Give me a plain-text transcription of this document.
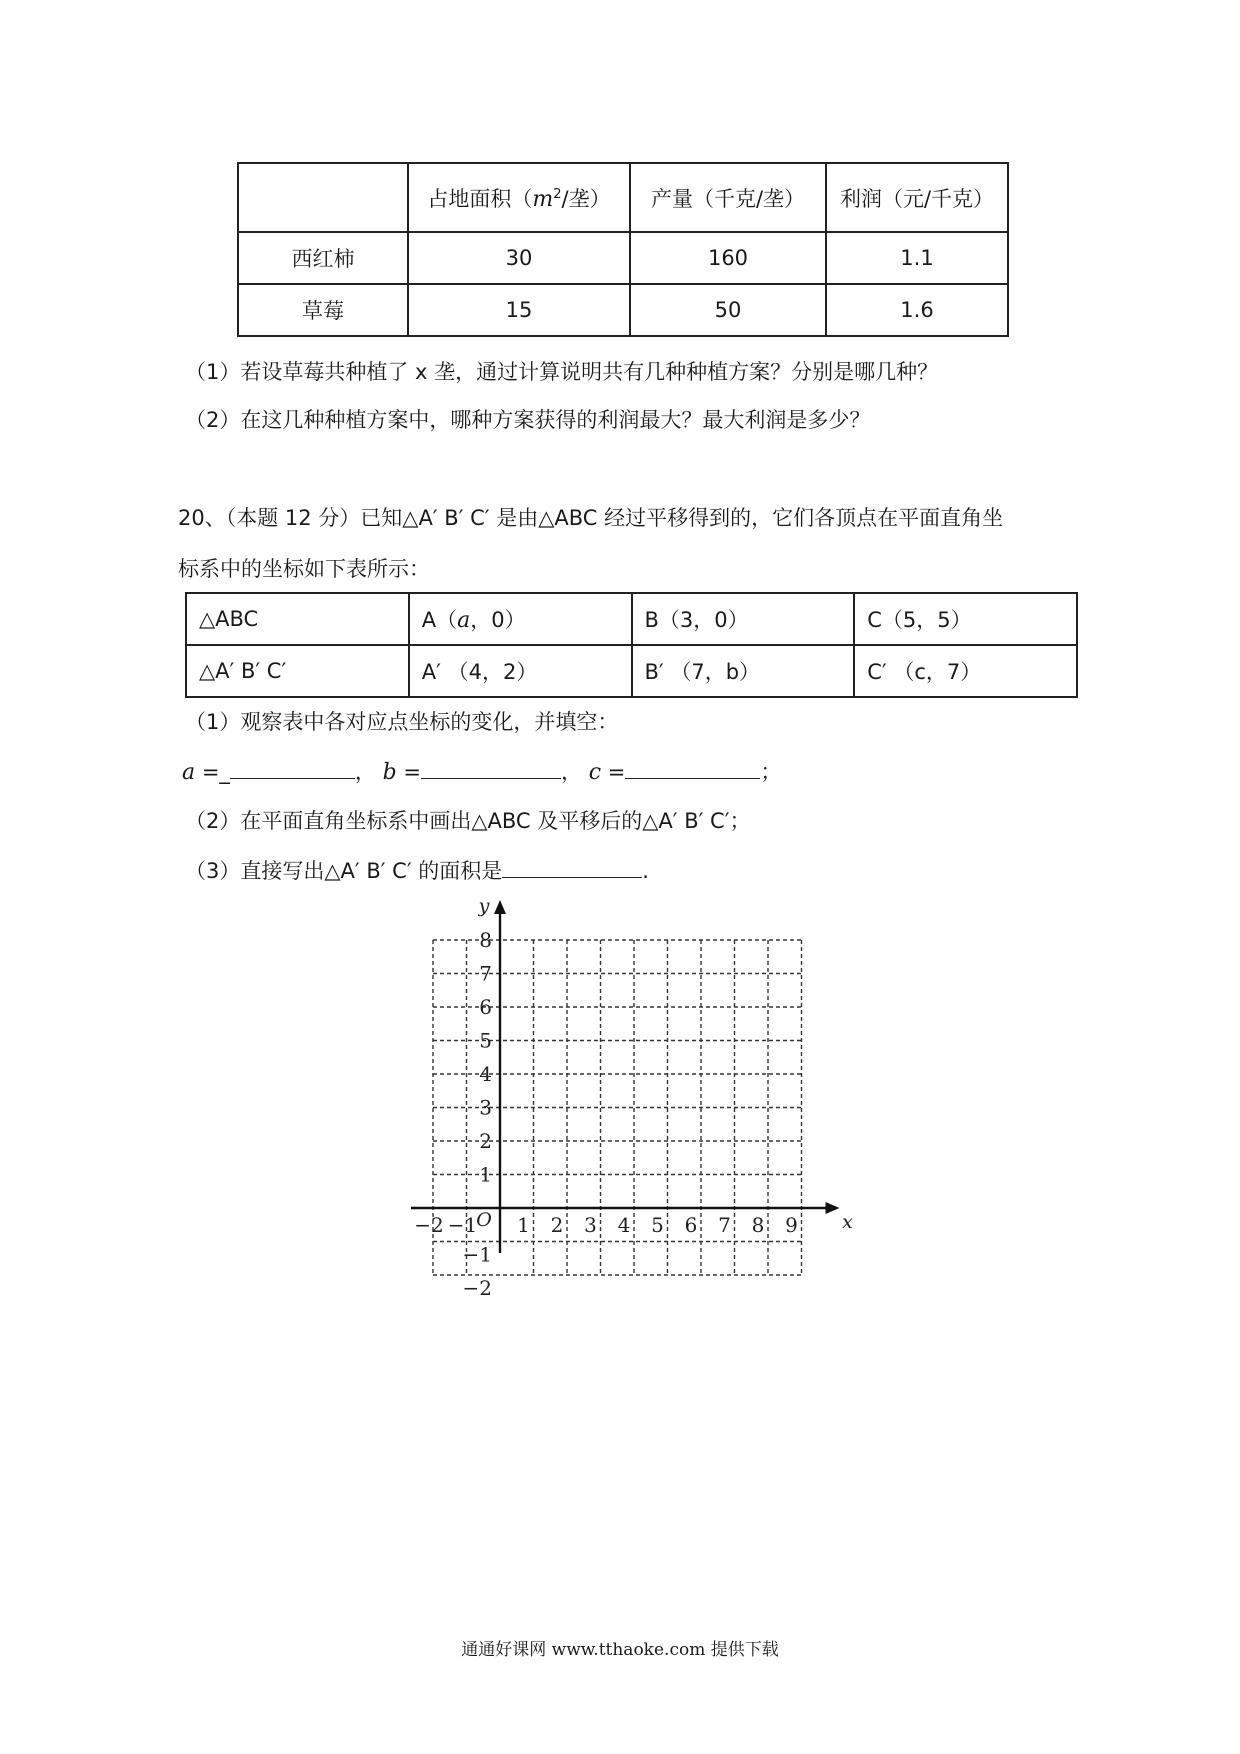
	占地面积（$m^2/$垄）	产量（千克/垄）	利润（元/千克）
西红柿	30	160	1.1
草莓	15	50	1.6
（1）若设草莓共种植了 x 垄，通过计算说明共有几种种植方案？分别是哪几种？
（2）在这几种种植方案中，哪种方案获得的利润最大？最大利润是多少？
20、（本题 12 分）已知△A′ B′ C′ 是由△ABC 经过平移得到的，它们各顶点在平面直角坐
标系中的坐标如下表所示：
△ABC	A（a，0）	B（3，0）	C（5，5）
△A′ B′ C′	A′ （4，2）	B′ （7，b）	C′ （c，7）
（1）观察表中各对应点坐标的变化，并填空：
a =_	， b =	， c =	；
（2）在平面直角坐标系中画出△ABC 及平移后的△A′ B′ C′；
（3）直接写出△A′ B′ C′ 的面积是	.
−2 −1 1 2 3 4 5 6 7 8 9
8
7
6
5
4
3
2
1
−1
−2
O	x
y
通通好课网 www.tthaoke.com 提供下载
